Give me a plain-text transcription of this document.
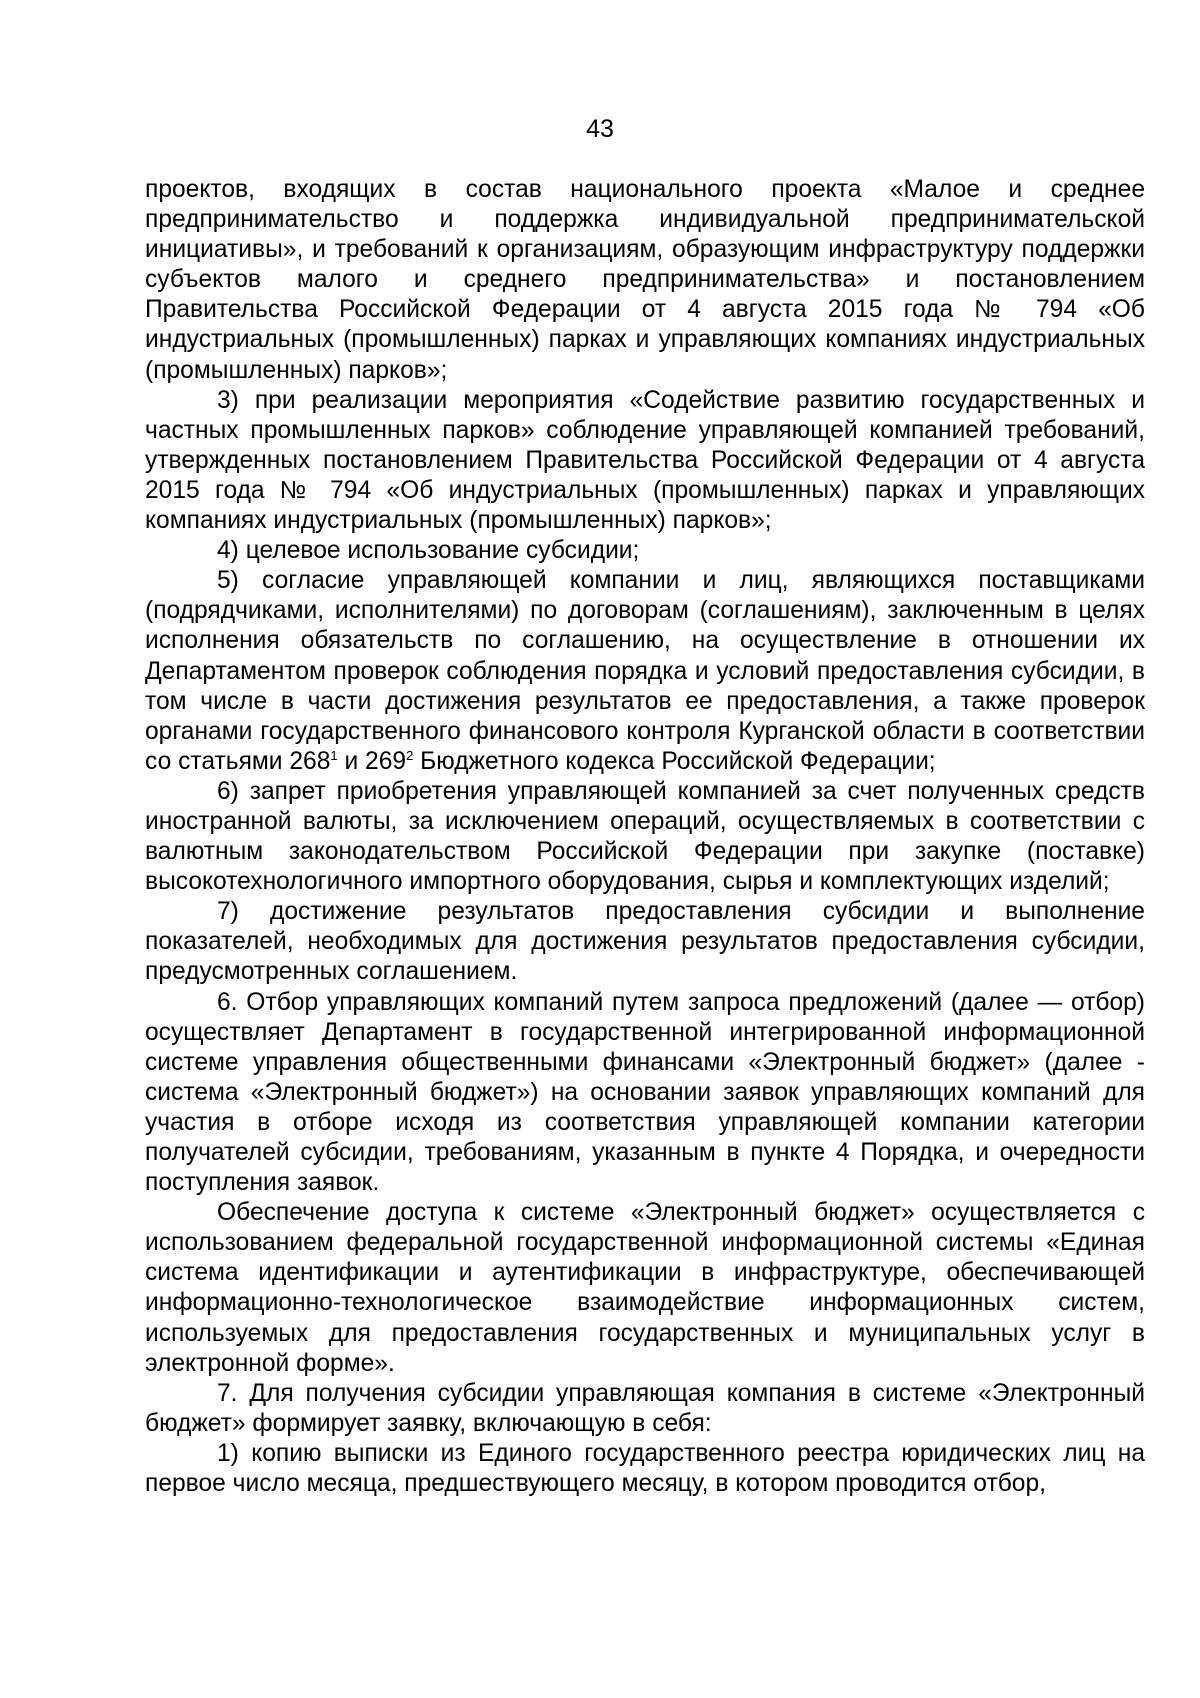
43

проектов, входящих в состав национального проекта «Малое и среднее предпринимательство и поддержка индивидуальной предпринимательской инициативы», и требований к организациям, образующим инфраструктуру поддержки субъектов малого и среднего предпринимательства» и постановлением Правительства Российской Федерации от 4 августа 2015 года № 794 «Об индустриальных (промышленных) парках и управляющих компаниях индустриальных (промышленных) парков»;

3) при реализации мероприятия «Содействие развитию государственных и частных промышленных парков» соблюдение управляющей компанией требований, утвержденных постановлением Правительства Российской Федерации от 4 августа 2015 года № 794 «Об индустриальных (промышленных) парках и управляющих компаниях индустриальных (промышленных) парков»;

4) целевое использование субсидии;

5) согласие управляющей компании и лиц, являющихся поставщиками (подрядчиками, исполнителями) по договорам (соглашениям), заключенным в целях исполнения обязательств по соглашению, на осуществление в отношении их Департаментом проверок соблюдения порядка и условий предоставления субсидии, в том числе в части достижения результатов ее предоставления, а также проверок органами государственного финансового контроля Курганской области в соответствии со статьями $268^1$ и $269^2$ Бюджетного кодекса Российской Федерации;

6) запрет приобретения управляющей компанией за счет полученных средств иностранной валюты, за исключением операций, осуществляемых в соответствии с валютным законодательством Российской Федерации при закупке (поставке) высокотехнологичного импортного оборудования, сырья и комплектующих изделий;

7) достижение результатов предоставления субсидии и выполнение показателей, необходимых для достижения результатов предоставления субсидии, предусмотренных соглашением.

6. Отбор управляющих компаний путем запроса предложений (далее — отбор) осуществляет Департамент в государственной интегрированной информационной системе управления общественными финансами «Электронный бюджет» (далее - система «Электронный бюджет») на основании заявок управляющих компаний для участия в отборе исходя из соответствия управляющей компании категории получателей субсидии, требованиям, указанным в пункте 4 Порядка, и очередности поступления заявок.

Обеспечение доступа к системе «Электронный бюджет» осуществляется с использованием федеральной государственной информационной системы «Единая система идентификации и аутентификации в инфраструктуре, обеспечивающей информационно-технологическое взаимодействие информационных систем, используемых для предоставления государственных и муниципальных услуг в электронной форме».

7. Для получения субсидии управляющая компания в системе «Электронный бюджет» формирует заявку, включающую в себя:

1) копию выписки из Единого государственного реестра юридических лиц на первое число месяца, предшествующего месяцу, в котором проводится отбор,
